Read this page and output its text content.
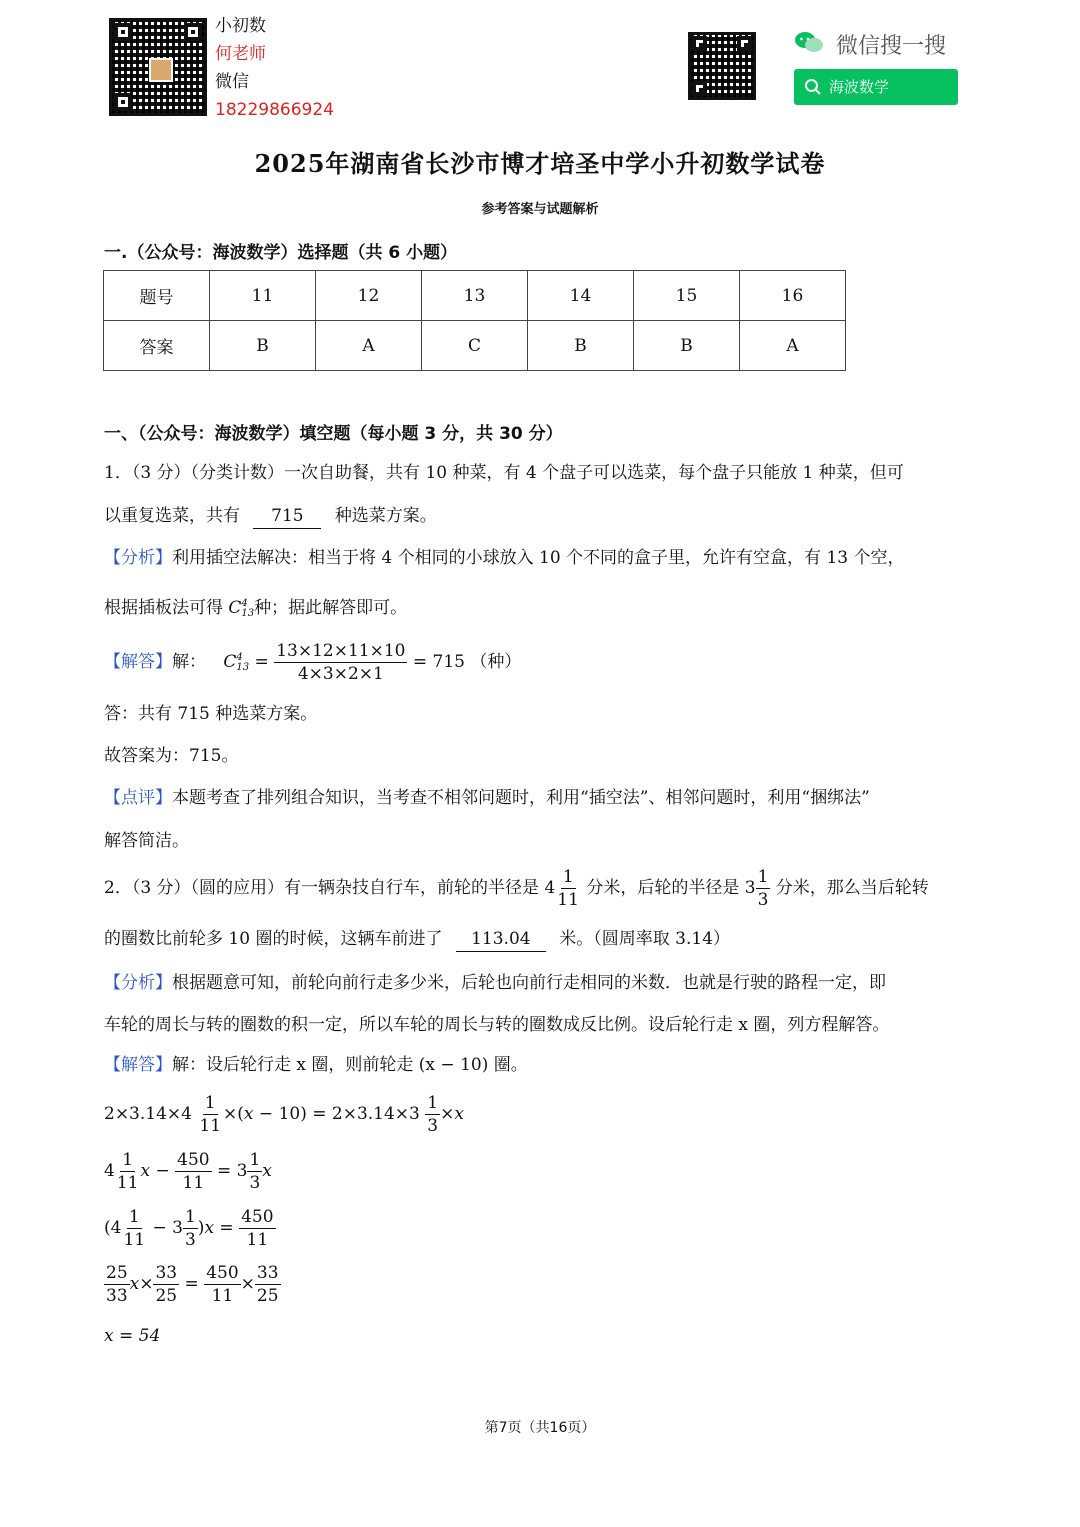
小初数
何老师
微信
18229866924
微信搜一搜
海波数学
2025年湖南省长沙市博才培圣中学小升初数学试卷
参考答案与试题解析
一.（公众号：海波数学）选择题（共 6 小题）
题号	11	12	13	14	15	16
答案	B	A	C	B	B	A
一、（公众号：海波数学）填空题（每小题 3 分，共 30 分）
1．（3 分）（分类计数）一次自助餐，共有 10 种菜，有 4 个盘子可以选菜，每个盘子只能放 1 种菜，但可
以重复选菜，共有 715 种选菜方案。
【分析】利用插空法解决：相当于将 4 个相同的小球放入 10 个不同的盒子里，允许有空盒，有 13 个空，
根据插板法可得 C 4
13 种；据此解答即可。
【解答】解： C 4
$13 = \frac{13\times 12\times 11\times 10}{4\times 3\times 2\times 1} = 715$ （种）
答：共有 715 种选菜方案。
故答案为：715。
【点评】本题考查了排列组合知识，当考查不相邻问题时，利用“插空法”、相邻问题时，利用“捆绑法”
解答简洁。
2．（3 分）（圆的应用）有一辆杂技自行车，前轮的半径是 $4 \frac{1}{11}$ 分米，后轮的半径是 $3 \frac{1}{3}$ 分米，那么当后轮转
的圈数比前轮多 10 圈的时候，这辆车前进了 113.04 米。（圆周率取 3.14）
【分析】根据题意可知，前轮向前行走多少米，后轮也向前行走相同的米数．也就是行驶的路程一定，即
车轮的周长与转的圈数的积一定，所以车轮的周长与转的圈数成反比例。设后轮行走 x 圈，列方程解答。
【解答】解：设后轮行走 x 圈，则前轮走 (x − 10) 圈。
$2\times 3.14\times 4 \frac{1}{11} \times(x - 10) = 2\times 3.14\times 3 \frac{1}{3} \times x$
$4 \frac{1}{11}$ $x - \frac{450}{11} = 3 \frac{1}{3}$ x
$(4 \frac{1}{11} - 3 \frac{1}{3} )x = \frac{450}{11}$
$\frac{25}{33} x\times \frac{33}{25} = \frac{450}{11} \times \frac{33}{25}$
x = 54
第7页（共16页）
